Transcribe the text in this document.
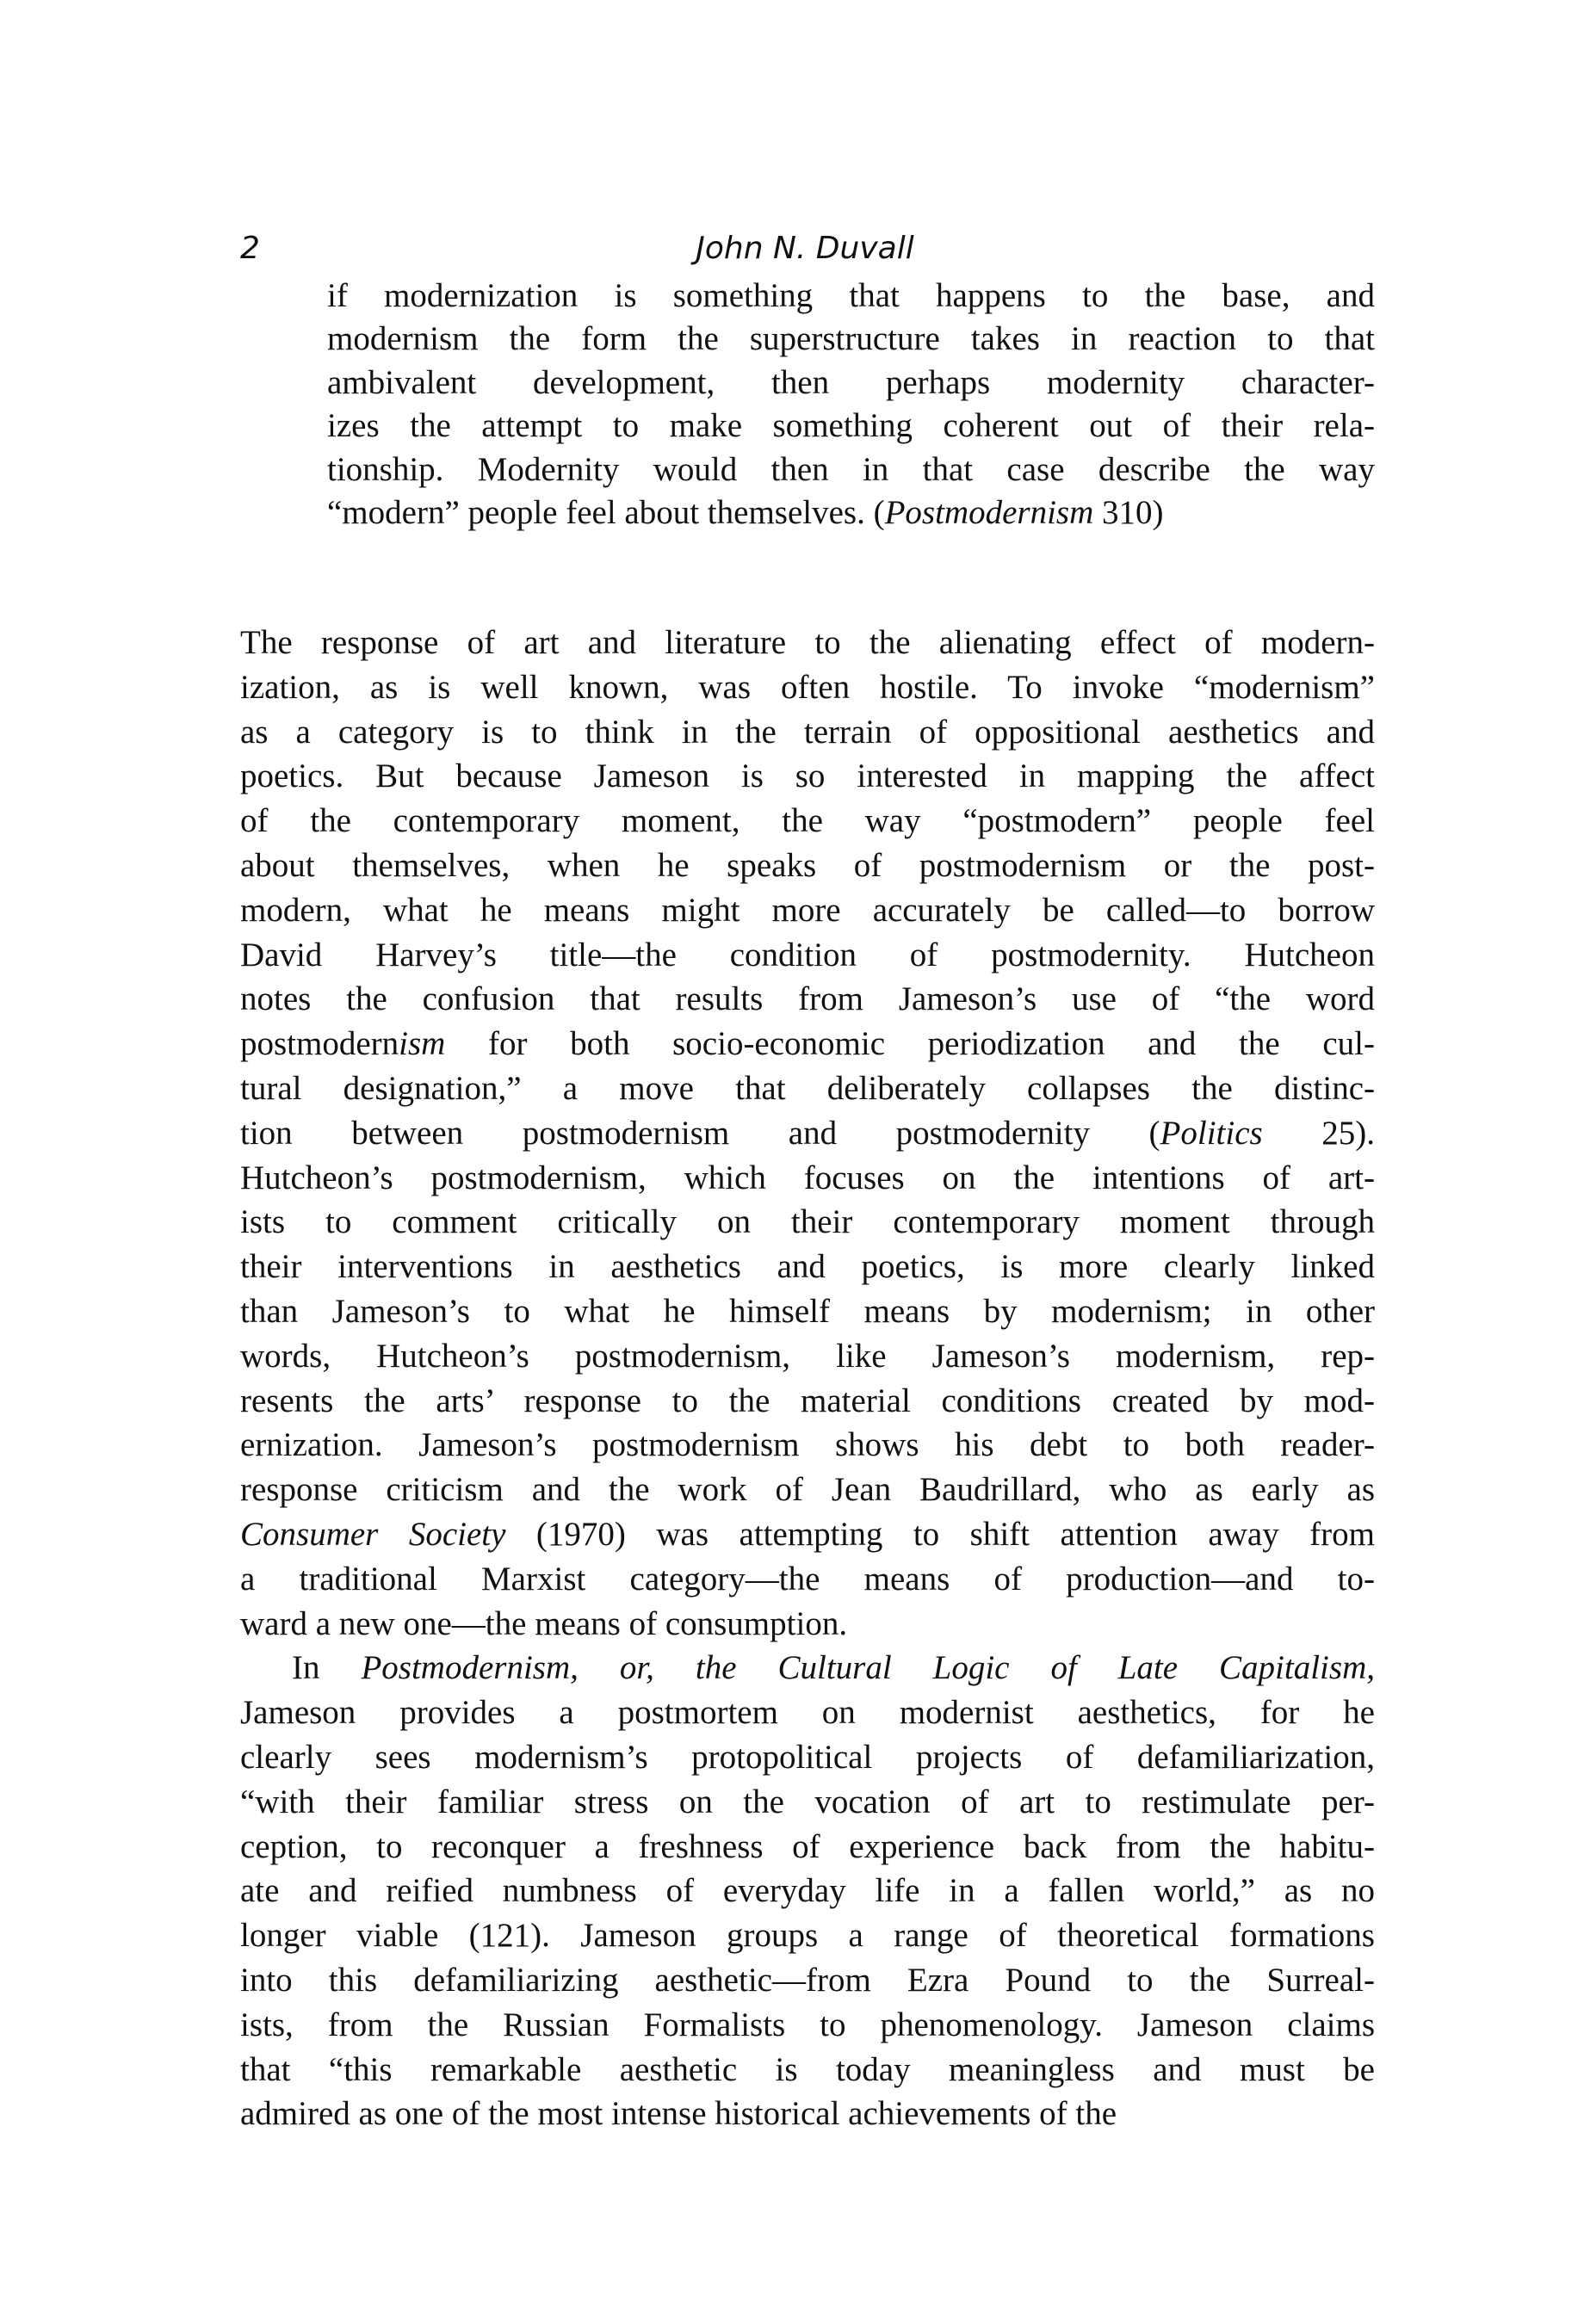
2	John N. Duvall
if modernization is something that happens to the base, and
modernism the form the superstructure takes in reaction to that
ambivalent development, then perhaps modernity character-
izes the attempt to make something coherent out of their rela-
tionship. Modernity would then in that case describe the way
“modern” people feel about themselves. (Postmodernism 310)
The response of art and literature to the alienating effect of modern-
ization, as is well known, was often hostile. To invoke “modernism”
as a category is to think in the terrain of oppositional aesthetics and
poetics. But because Jameson is so interested in mapping the affect
of the contemporary moment, the way “postmodern” people feel
about themselves, when he speaks of postmodernism or the post-
modern, what he means might more accurately be called—to borrow
David Harvey’s title—the condition of postmodernity. Hutcheon
notes the confusion that results from Jameson’s use of “the word
postmodernism for both socio-economic periodization and the cul-
tural designation,” a move that deliberately collapses the distinc-
tion between postmodernism and postmodernity (Politics 25).
Hutcheon’s postmodernism, which focuses on the intentions of art-
ists to comment critically on their contemporary moment through
their interventions in aesthetics and poetics, is more clearly linked
than Jameson’s to what he himself means by modernism; in other
words, Hutcheon’s postmodernism, like Jameson’s modernism, rep-
resents the arts’ response to the material conditions created by mod-
ernization. Jameson’s postmodernism shows his debt to both reader-
response criticism and the work of Jean Baudrillard, who as early as
Consumer Society (1970) was attempting to shift attention away from
a traditional Marxist category—the means of production—and to-
ward a new one—the means of consumption.
In Postmodernism, or, the Cultural Logic of Late Capitalism,
Jameson provides a postmortem on modernist aesthetics, for he
clearly sees modernism’s protopolitical projects of defamiliarization,
“with their familiar stress on the vocation of art to restimulate per-
ception, to reconquer a freshness of experience back from the habitu-
ate and reified numbness of everyday life in a fallen world,” as no
longer viable (121). Jameson groups a range of theoretical formations
into this defamiliarizing aesthetic—from Ezra Pound to the Surreal-
ists, from the Russian Formalists to phenomenology. Jameson claims
that “this remarkable aesthetic is today meaningless and must be
admired as one of the most intense historical achievements of the
